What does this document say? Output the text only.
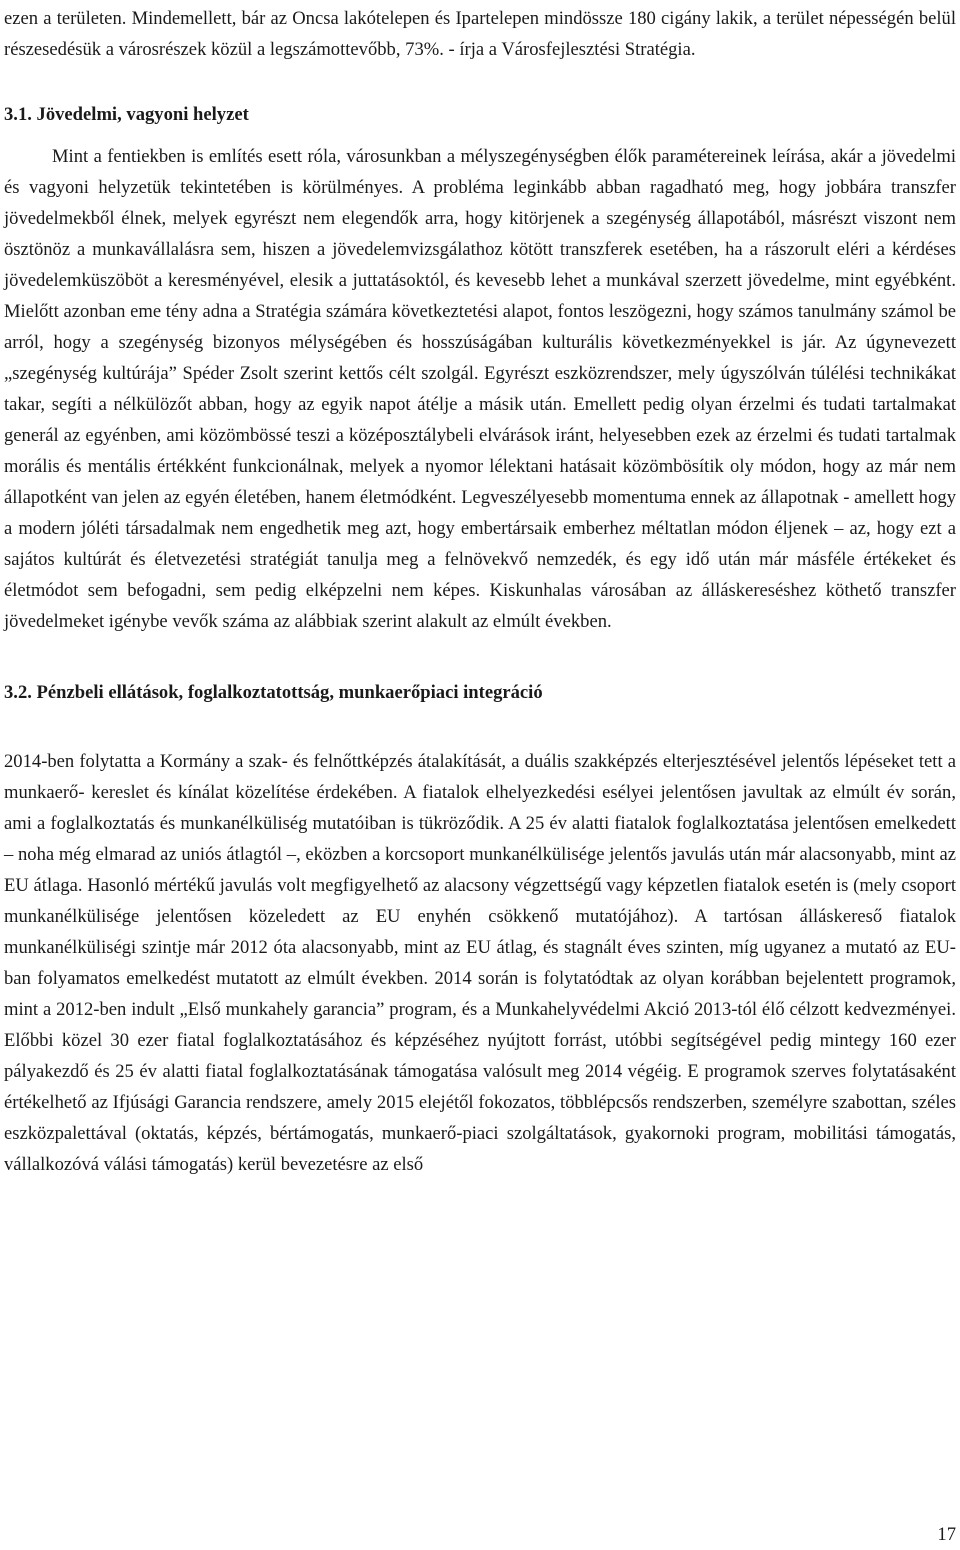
ezen a területen. Mindemellett, bár az Oncsa lakótelepen és Ipartelepen mindössze 180 cigány lakik, a terület népességén belül részesedésük a városrészek közül a legszámottevőbb, 73%. - írja a Városfejlesztési Stratégia.

3.1. Jövedelmi, vagyoni helyzet

Mint a fentiekben is említés esett róla, városunkban a mélyszegénységben élők paramétereinek leírása, akár a jövedelmi és vagyoni helyzetük tekintetében is körülményes. A probléma leginkább abban ragadható meg, hogy jobbára transzfer jövedelmekből élnek, melyek egyrészt nem elegendők arra, hogy kitörjenek a szegénység állapotából, másrészt viszont nem ösztönöz a munkavállalásra sem, hiszen a jövedelemvizsgálathoz kötött transzferek esetében, ha a rászorult eléri a kérdéses jövedelemküszöböt a keresményével, elesik a juttatásoktól, és kevesebb lehet a munkával szerzett jövedelme, mint egyébként. Mielőtt azonban eme tény adna a Stratégia számára következtetési alapot, fontos leszögezni, hogy számos tanulmány számol be arról, hogy a szegénység bizonyos mélységében és hosszúságában kulturális következményekkel is jár. Az úgynevezett „szegénység kultúrája” Spéder Zsolt szerint kettős célt szolgál. Egyrészt eszközrendszer, mely úgyszólván túlélési technikákat takar, segíti a nélkülözőt abban, hogy az egyik napot átélje a másik után. Emellett pedig olyan érzelmi és tudati tartalmakat generál az egyénben, ami közömbössé teszi a középosztálybeli elvárások iránt, helyesebben ezek az érzelmi és tudati tartalmak morális és mentális értékként funkcionálnak, melyek a nyomor lélektani hatásait közömbösítik oly módon, hogy az már nem állapotként van jelen az egyén életében, hanem életmódként. Legveszélyesebb momentuma ennek az állapotnak - amellett hogy a modern jóléti társadalmak nem engedhetik meg azt, hogy embertársaik emberhez méltatlan módon éljenek – az, hogy ezt a sajátos kultúrát és életvezetési stratégiát tanulja meg a felnövekvő nemzedék, és egy idő után már másféle értékeket és életmódot sem befogadni, sem pedig elképzelni nem képes. Kiskunhalas városában az álláskereséshez köthető transzfer jövedelmeket igénybe vevők száma az alábbiak szerint alakult az elmúlt években.

3.2. Pénzbeli ellátások, foglalkoztatottság, munkaerőpiaci integráció

2014-ben folytatta a Kormány a szak- és felnőttképzés átalakítását, a duális szakképzés elterjesztésével jelentős lépéseket tett a munkaerő- kereslet és kínálat közelítése érdekében. A fiatalok elhelyezkedési esélyei jelentősen javultak az elmúlt év során, ami a foglalkoztatás és munkanélküliség mutatóiban is tükröződik. A 25 év alatti fiatalok foglalkoztatása jelentősen emelkedett – noha még elmarad az uniós átlagtól –, eközben a korcsoport munkanélkülisége jelentős javulás után már alacsonyabb, mint az EU átlaga. Hasonló mértékű javulás volt megfigyelhető az alacsony végzettségű vagy képzetlen fiatalok esetén is (mely csoport munkanélkülisége jelentősen közeledett az EU enyhén csökkenő mutatójához). A tartósan álláskereső fiatalok munkanélküliségi szintje már 2012 óta alacsonyabb, mint az EU átlag, és stagnált éves szinten, míg ugyanez a mutató az EU-ban folyamatos emelkedést mutatott az elmúlt években. 2014 során is folytatódtak az olyan korábban bejelentett programok, mint a 2012-ben indult „Első munkahely garancia” program, és a Munkahelyvédelmi Akció 2013-tól élő célzott kedvezményei. Előbbi közel 30 ezer fiatal foglalkoztatásához és képzéséhez nyújtott forrást, utóbbi segítségével pedig mintegy 160 ezer pályakezdő és 25 év alatti fiatal foglalkoztatásának támogatása valósult meg 2014 végéig. E programok szerves folytatásaként értékelhető az Ifjúsági Garancia rendszere, amely 2015 elejétől fokozatos, többlépcsős rendszerben, személyre szabottan, széles eszközpalettával (oktatás, képzés, bértámogatás, munkaerő-piaci szolgáltatások, gyakornoki program, mobilitási támogatás, vállalkozóvá válási támogatás) kerül bevezetésre az első

17
